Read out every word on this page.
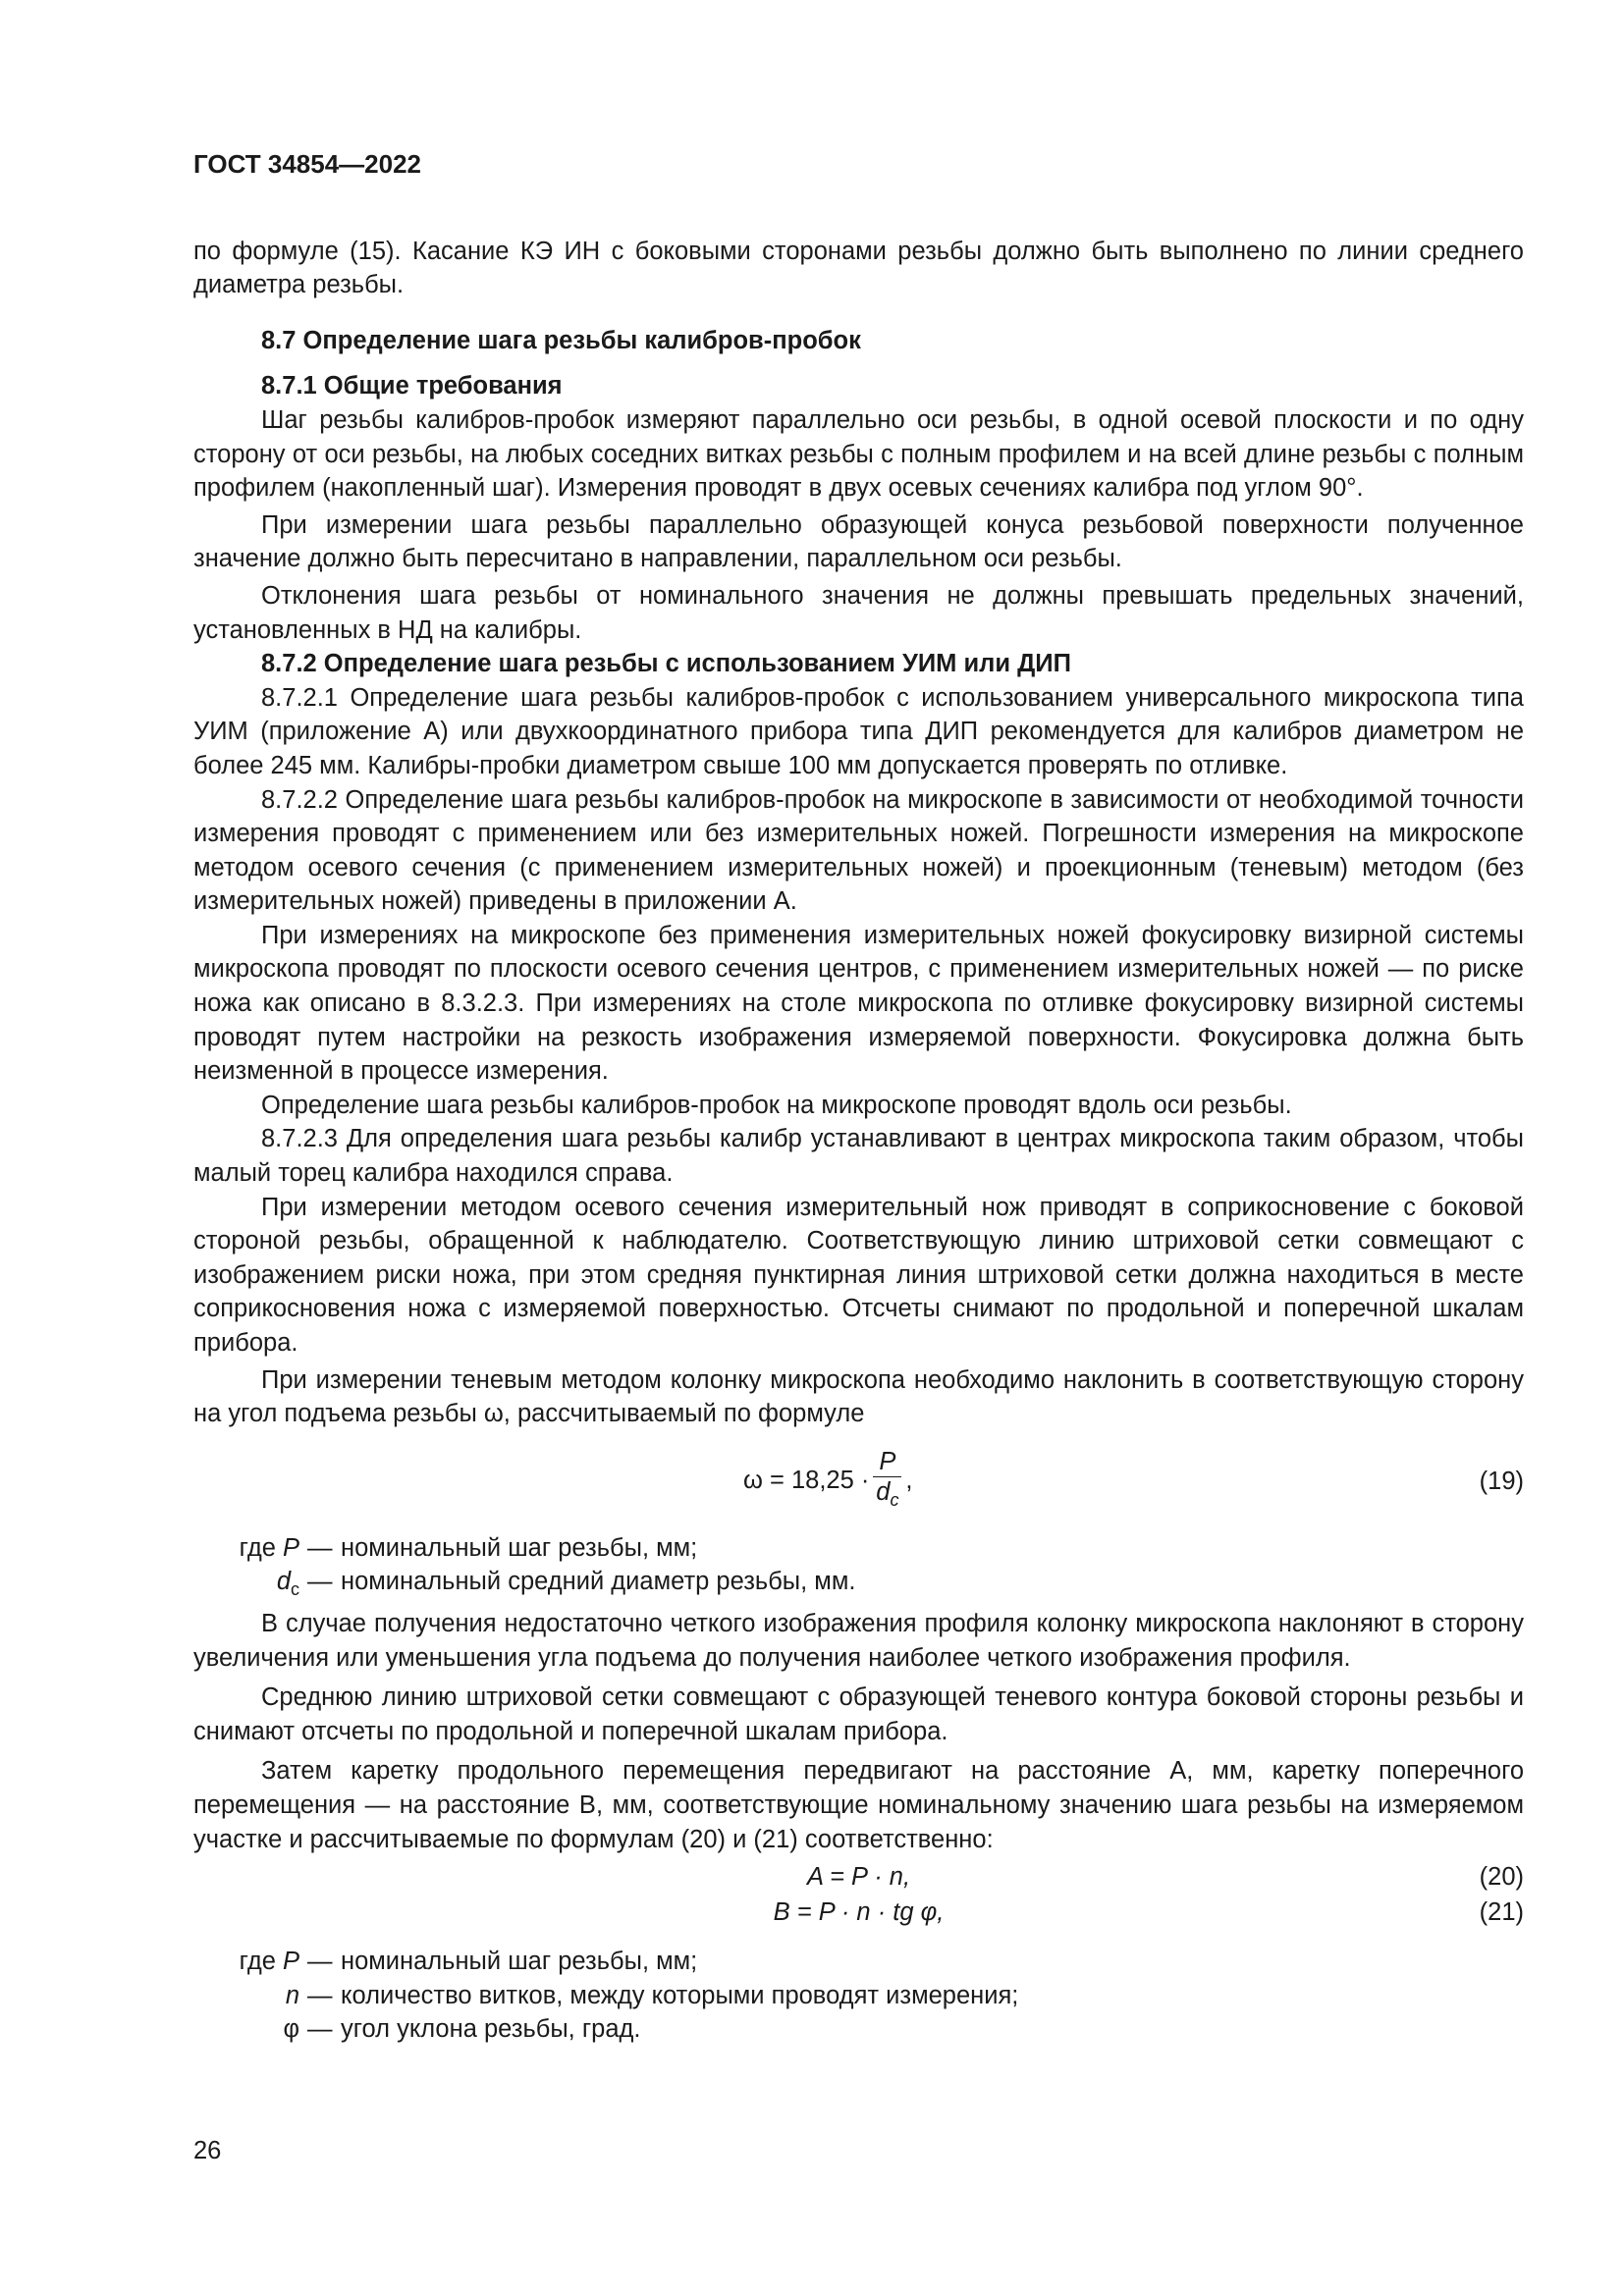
ГОСТ 34854—2022

по формуле (15). Касание КЭ ИН с боковыми сторонами резьбы должно быть выполнено по линии среднего диаметра резьбы.

8.7 Определение шага резьбы калибров-пробок
8.7.1 Общие требования

Шаг резьбы калибров-пробок измеряют параллельно оси резьбы, в одной осевой плоскости и по одну сторону от оси резьбы, на любых соседних витках резьбы с полным профилем и на всей длине резьбы с полным профилем (накопленный шаг). Измерения проводят в двух осевых сечениях калибра под углом 90°.

При измерении шага резьбы параллельно образующей конуса резьбовой поверхности полученное значение должно быть пересчитано в направлении, параллельном оси резьбы.

Отклонения шага резьбы от номинального значения не должны превышать предельных значений, установленных в НД на калибры.

8.7.2 Определение шага резьбы с использованием УИМ или ДИП

8.7.2.1 Определение шага резьбы калибров-пробок с использованием универсального микроскопа типа УИМ (приложение А) или двухкоординатного прибора типа ДИП рекомендуется для калибров диаметром не более 245 мм. Калибры-пробки диаметром свыше 100 мм допускается проверять по отливке.

8.7.2.2 Определение шага резьбы калибров-пробок на микроскопе в зависимости от необходимой точности измерения проводят с применением или без измерительных ножей. Погрешности измерения на микроскопе методом осевого сечения (с применением измерительных ножей) и проекционным (теневым) методом (без измерительных ножей) приведены в приложении А.

При измерениях на микроскопе без применения измерительных ножей фокусировку визирной системы микроскопа проводят по плоскости осевого сечения центров, с применением измерительных ножей — по риске ножа как описано в 8.3.2.3. При измерениях на столе микроскопа по отливке фокусировку визирной системы проводят путем настройки на резкость изображения измеряемой поверхности. Фокусировка должна быть неизменной в процессе измерения.

Определение шага резьбы калибров-пробок на микроскопе проводят вдоль оси резьбы.

8.7.2.3 Для определения шага резьбы калибр устанавливают в центрах микроскопа таким образом, чтобы малый торец калибра находился справа.

При измерении методом осевого сечения измерительный нож приводят в соприкосновение с боковой стороной резьбы, обращенной к наблюдателю. Соответствующую линию штриховой сетки совмещают с изображением риски ножа, при этом средняя пунктирная линия штриховой сетки должна находиться в месте соприкосновения ножа с измеряемой поверхностью. Отсчеты снимают по продольной и поперечной шкалам прибора.

При измерении теневым методом колонку микроскопа необходимо наклонить в соответствующую сторону на угол подъема резьбы ω, рассчитываемый по формуле

$\omega = 18,25 \cdot \frac{P}{d_c}$ ,	(19)
где P — номинальный шаг резьбы, мм;
$d_c$ — номинальный средний диаметр резьбы, мм.

В случае получения недостаточно четкого изображения профиля колонку микроскопа наклоняют в сторону увеличения или уменьшения угла подъема до получения наиболее четкого изображения профиля.

Среднюю линию штриховой сетки совмещают с образующей теневого контура боковой стороны резьбы и снимают отсчеты по продольной и поперечной шкалам прибора.

Затем каретку продольного перемещения передвигают на расстояние A, мм, каретку поперечного перемещения — на расстояние B, мм, соответствующие номинальному значению шага резьбы на измеряемом участке и рассчитываемые по формулам (20) и (21) соответственно:

A = P · n,	(20)
B = P · n · tg φ,	(21)
где P — номинальный шаг резьбы, мм;
n — количество витков, между которыми проводят измерения;
φ — угол уклона резьбы, град.
26
